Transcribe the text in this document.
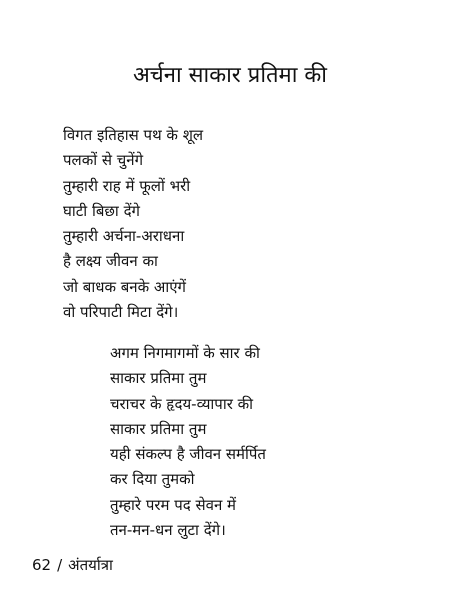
अर्चना साकार प्रतिमा की
विगत इतिहास पथ के शूल
पलकों से चुनेंगे
तुम्हारी राह में फूलों भरी
घाटी बिछा देंगे
तुम्हारी अर्चना-अराधना
है लक्ष्य जीवन का
जो बाधक बनके आएंगें
वो परिपाटी मिटा देंगे।
अगम निगमागमों के सार की
साकार प्रतिमा तुम
चराचर के हृदय-व्यापार की
साकार प्रतिमा तुम
यही संकल्प है जीवन सर्मर्पित
कर दिया तुमको
तुम्हारे परम पद सेवन में
तन-मन-धन लुटा देंगे।
62 / अंतर्यात्रा
